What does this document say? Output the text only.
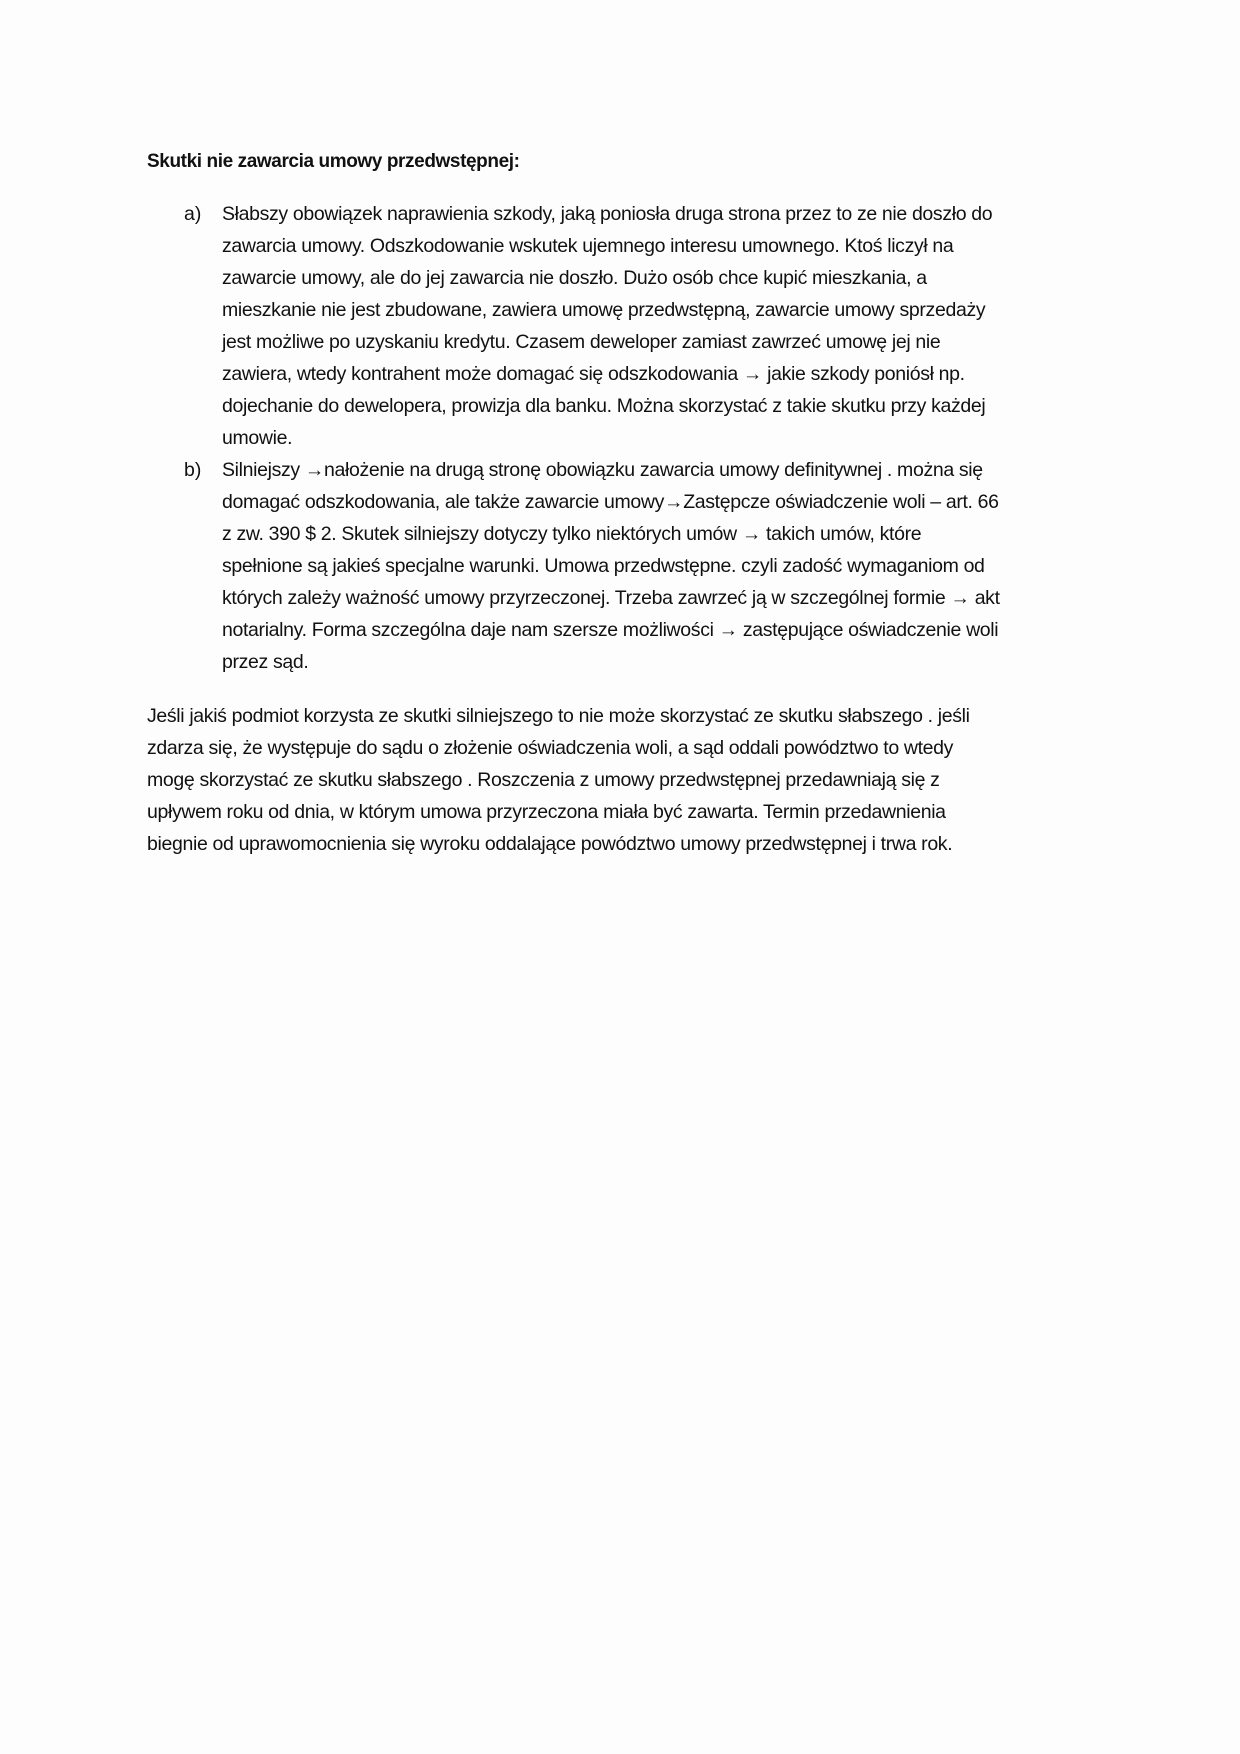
Skutki nie zawarcia umowy przedwstępnej:
a) Słabszy obowiązek naprawienia szkody, jaką poniosła druga strona przez to ze nie doszło do
zawarcia umowy. Odszkodowanie wskutek ujemnego interesu umownego. Ktoś liczył na
zawarcie umowy, ale do jej zawarcia nie doszło. Dużo osób chce kupić mieszkania, a
mieszkanie nie jest zbudowane, zawiera umowę przedwstępną, zawarcie umowy sprzedaży
jest możliwe po uzyskaniu kredytu. Czasem deweloper zamiast zawrzeć umowę jej nie
zawiera, wtedy kontrahent może domagać się odszkodowania → jakie szkody poniósł np.
dojechanie do dewelopera, prowizja dla banku. Można skorzystać z takie skutku przy każdej
umowie.
b) Silniejszy →nałożenie na drugą stronę obowiązku zawarcia umowy definitywnej . można się
domagać odszkodowania, ale także zawarcie umowy→Zastępcze oświadczenie woli – art. 66
z zw. 390 $ 2. Skutek silniejszy dotyczy tylko niektórych umów → takich umów, które
spełnione są jakieś specjalne warunki. Umowa przedwstępne. czyli zadość wymaganiom od
których zależy ważność umowy przyrzeczonej. Trzeba zawrzeć ją w szczególnej formie → akt
notarialny. Forma szczególna daje nam szersze możliwości → zastępujące oświadczenie woli
przez sąd.
Jeśli jakiś podmiot korzysta ze skutki silniejszego to nie może skorzystać ze skutku słabszego . jeśli
zdarza się, że występuje do sądu o złożenie oświadczenia woli, a sąd oddali powództwo to wtedy
mogę skorzystać ze skutku słabszego . Roszczenia z umowy przedwstępnej przedawniają się z
upływem roku od dnia, w którym umowa przyrzeczona miała być zawarta. Termin przedawnienia
biegnie od uprawomocnienia się wyroku oddalające powództwo umowy przedwstępnej i trwa rok.
